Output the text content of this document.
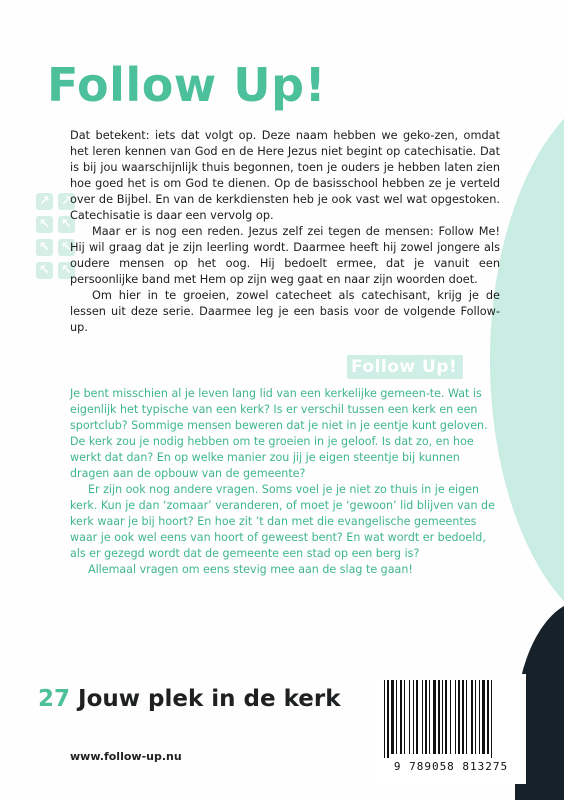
Follow Up!
Follow Up!
↗ ↗
↖ ↖
↖ ↖
↖ ↖

Dat betekent: iets dat volgt op. Deze naam hebben we geko-zen, omdat het leren kennen van God en de Here Jezus niet begint op catechisatie. Dat is bij jou waarschijnlijk thuis begonnen, toen je ouders je hebben laten zien hoe goed het is om God te dienen. Op de basisschool hebben ze je verteld over de Bijbel. En van de kerkdiensten heb je ook vast wel wat opgestoken. Catechisatie is daar een vervolg op.

Maar er is nog een reden. Jezus zelf zei tegen de mensen: Follow Me! Hij wil graag dat je zijn leerling wordt. Daarmee heeft hij zowel jongere als oudere mensen op het oog. Hij bedoelt ermee, dat je vanuit een persoonlijke band met Hem op zijn weg gaat en naar zijn woorden doet.

Om hier in te groeien, zowel catecheet als catechisant, krijg je de lessen uit deze serie. Daarmee leg je een basis voor de volgende Follow-up.

Je bent misschien al je leven lang lid van een kerkelijke gemeen-te. Wat is eigenlijk het typische van een kerk? Is er verschil tussen een kerk en een sportclub? Sommige mensen beweren dat je niet in je eentje kunt geloven. De kerk zou je nodig hebben om te groeien in je geloof. Is dat zo, en hoe werkt dat dan? En op welke manier zou jij je eigen steentje bij kunnen dragen aan de opbouw van de gemeente?

Er zijn ook nog andere vragen. Soms voel je je niet zo thuis in je eigen kerk. Kun je dan ‘zomaar’ veranderen, of moet je ‘gewoon’ lid blijven van de kerk waar je bij hoort? En hoe zit ’t dan met die evangelische gemeentes waar je ook wel eens van hoort of geweest bent? En wat wordt er bedoeld, als er gezegd wordt dat de gemeente een stad op een berg is?

Allemaal vragen om eens stevig mee aan de slag te gaan!

27 Jouw plek in de kerk
www.follow-up.nu
9 789058 813275
